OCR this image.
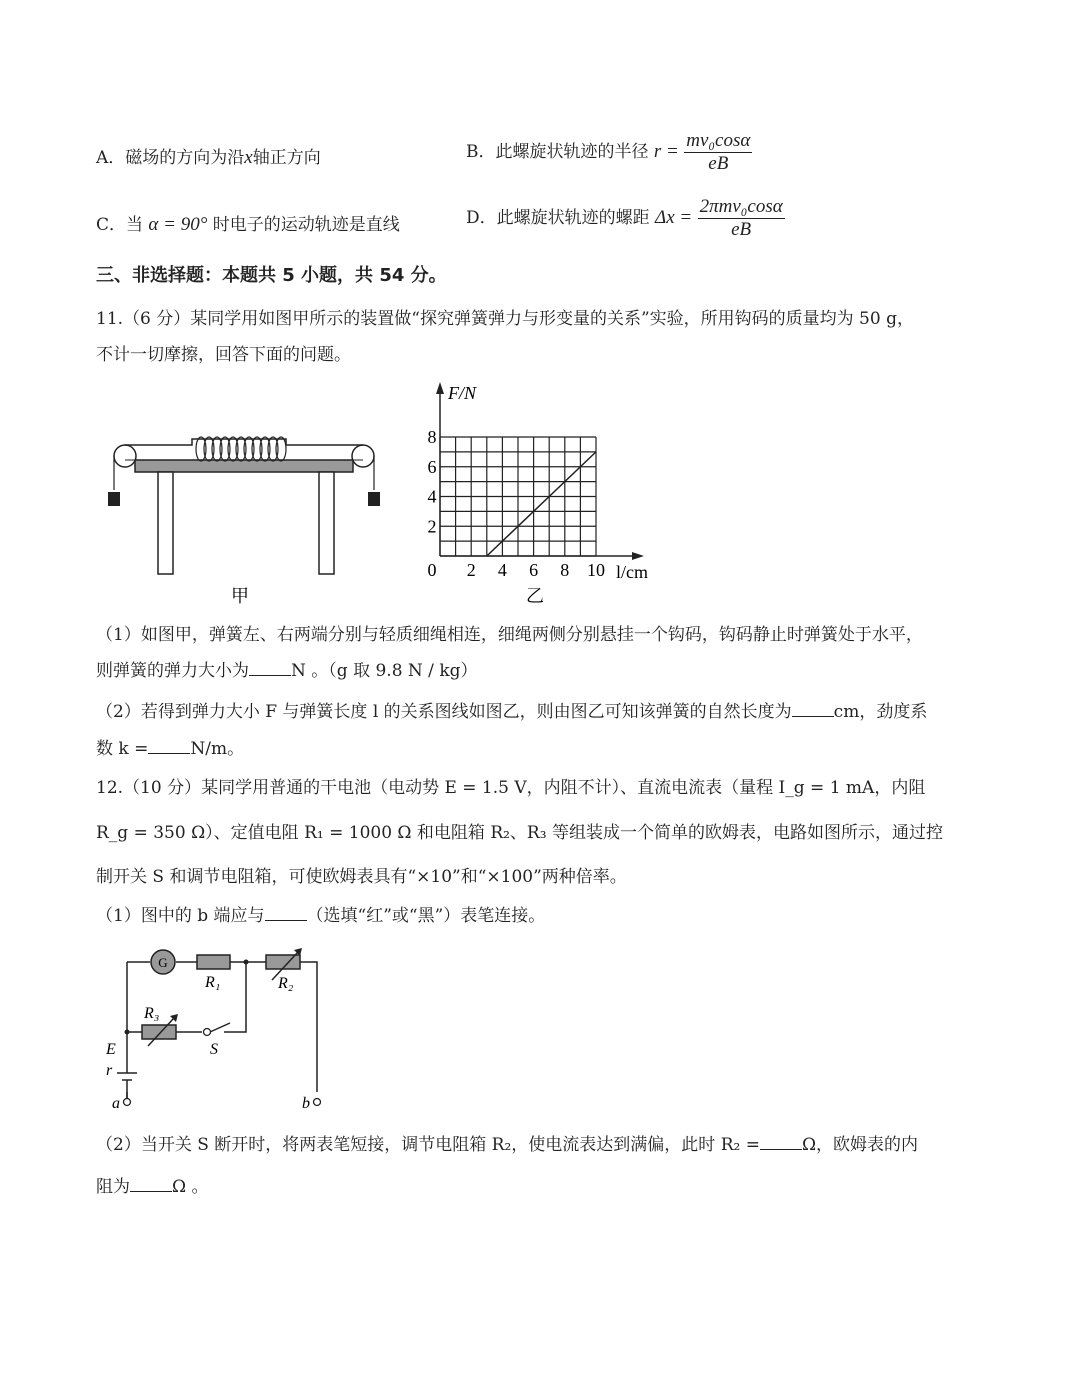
A．磁场的方向为沿x轴正方向	B．此螺旋状轨迹的半径 $r = \frac{\text{mv₀cosα}}{eB}$
C．当 α = 90° 时电子的运动轨迹是直线	D．此螺旋状轨迹的螺距 $\Delta x = \frac{\text{2πmv₀cosα}}{eB}$
三、非选择题：本题共 5 小题，共 54 分。
11.（6 分）某同学用如图甲所示的装置做“探究弹簧弹力与形变量的关系”实验，所用钩码的质量均为 50 g，
不计一切摩擦，回答下面的问题。
甲
F/N
l/cm
0 2 4 6 8 10
2
4
6
8
乙
（1）如图甲，弹簧左、右两端分别与轻质细绳相连，细绳两侧分别悬挂一个钩码，钩码静止时弹簧处于水平，
则弹簧的弹力大小为 N 。（g 取 9.8 N / kg）
（2）若得到弹力大小 F 与弹簧长度 l 的关系图线如图乙，则由图乙可知该弹簧的自然长度为 cm，劲度系
数 k = N/m。
12.（10 分）某同学用普通的干电池（电动势 E = 1.5 V，内阻不计）、直流电流表（量程 I_g = 1 mA，内阻
R_g = 350 Ω）、定值电阻 R₁ = 1000 Ω 和电阻箱 R₂、R₃ 等组装成一个简单的欧姆表，电路如图所示，通过控
制开关 S 和调节电阻箱，可使欧姆表具有“×10”和“×100”两种倍率。
（1）图中的 b 端应与 （选填“红”或“黑”）表笔连接。
G
R₁	R₂
R₃
S
E
r
a	b
（2）当开关 S 断开时，将两表笔短接，调节电阻箱 R₂，使电流表达到满偏，此时 R₂ = Ω，欧姆表的内
阻为 Ω 。
